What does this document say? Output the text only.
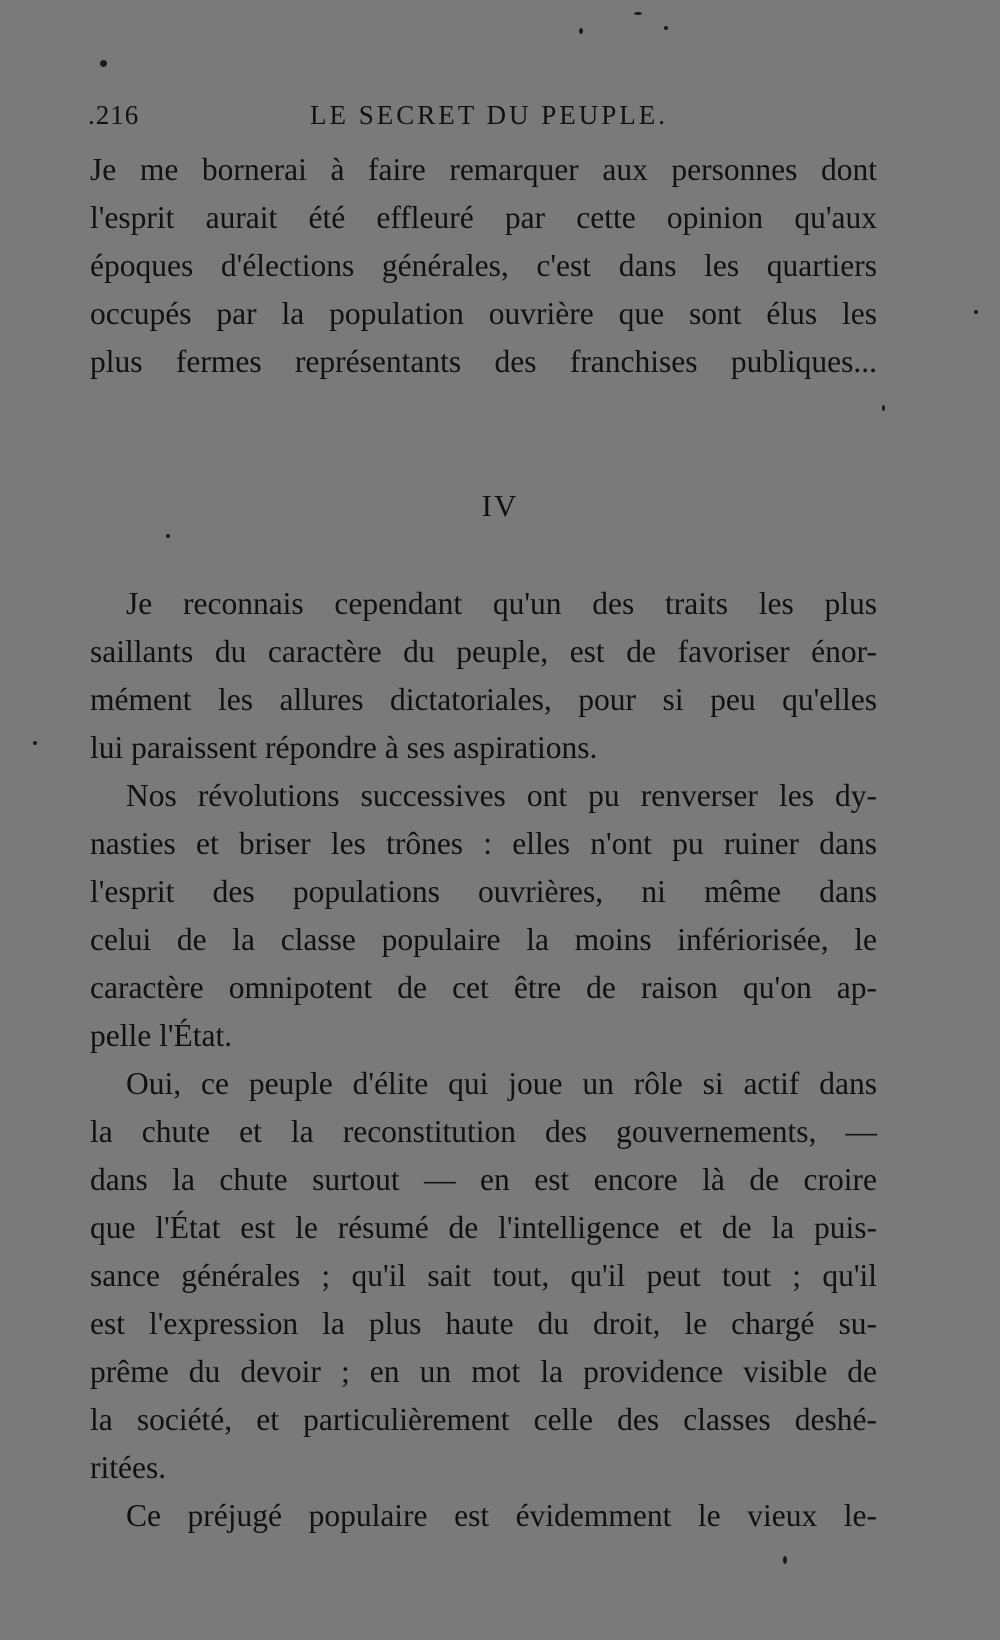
.216	LE SECRET DU PEUPLE.
Je me bornerai à faire remarquer aux personnes dont
l'esprit aurait été effleuré par cette opinion qu'aux
époques d'élections générales, c'est dans les quartiers
occupés par la population ouvrière que sont élus les
plus fermes représentants des franchises publiques...
IV
Je reconnais cependant qu'un des traits les plus
saillants du caractère du peuple, est de favoriser énor-
mément les allures dictatoriales, pour si peu qu'elles
lui paraissent répondre à ses aspirations.
Nos révolutions successives ont pu renverser les dy-
nasties et briser les trônes : elles n'ont pu ruiner dans
l'esprit des populations ouvrières, ni même dans
celui de la classe populaire la moins infériorisée, le
caractère omnipotent de cet être de raison qu'on ap-
pelle l'État.
Oui, ce peuple d'élite qui joue un rôle si actif dans
la chute et la reconstitution des gouvernements, —
dans la chute surtout — en est encore là de croire
que l'État est le résumé de l'intelligence et de la puis-
sance générales ; qu'il sait tout, qu'il peut tout ; qu'il
est l'expression la plus haute du droit, le chargé su-
prême du devoir ; en un mot la providence visible de
la société, et particulièrement celle des classes deshé-
ritées.
Ce préjugé populaire est évidemment le vieux le-
